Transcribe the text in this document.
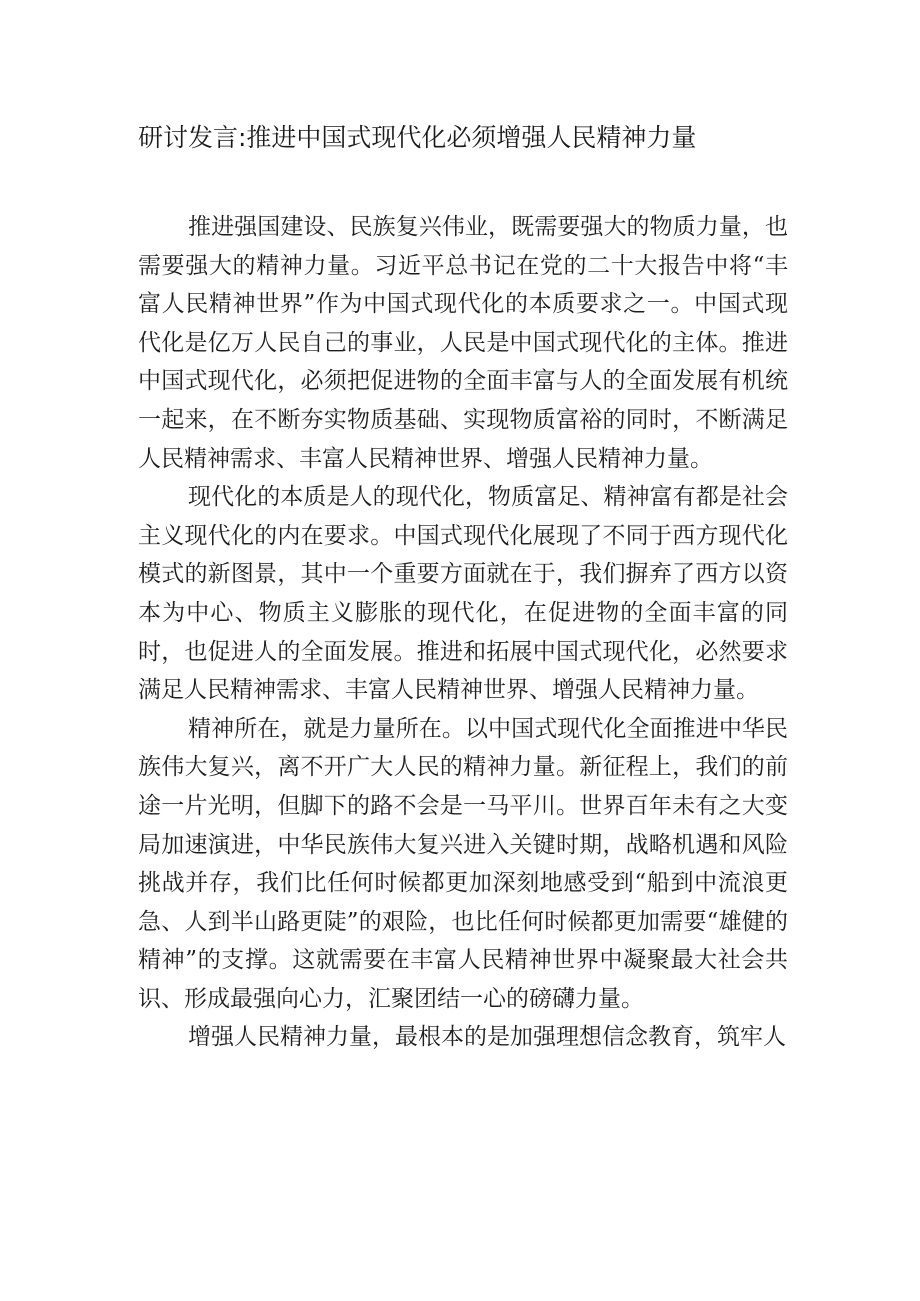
研讨发言:推进中国式现代化必须增强人民精神力量

推进强国建设、民族复兴伟业，既需要强大的物质力量，也需要强大的精神力量。习近平总书记在党的二十大报告中将“丰富人民精神世界”作为中国式现代化的本质要求之一。中国式现代化是亿万人民自己的事业，人民是中国式现代化的主体。推进中国式现代化，必须把促进物的全面丰富与人的全面发展有机统一起来，在不断夯实物质基础、实现物质富裕的同时，不断满足人民精神需求、丰富人民精神世界、增强人民精神力量。

现代化的本质是人的现代化，物质富足、精神富有都是社会主义现代化的内在要求。中国式现代化展现了不同于西方现代化模式的新图景，其中一个重要方面就在于，我们摒弃了西方以资本为中心、物质主义膨胀的现代化，在促进物的全面丰富的同时，也促进人的全面发展。推进和拓展中国式现代化，必然要求满足人民精神需求、丰富人民精神世界、增强人民精神力量。

精神所在，就是力量所在。以中国式现代化全面推进中华民族伟大复兴，离不开广大人民的精神力量。新征程上，我们的前途一片光明，但脚下的路不会是一马平川。世界百年未有之大变局加速演进，中华民族伟大复兴进入关键时期，战略机遇和风险挑战并存，我们比任何时候都更加深刻地感受到“船到中流浪更急、人到半山路更陡”的艰险，也比任何时候都更加需要“雄健的精神”的支撑。这就需要在丰富人民精神世界中凝聚最大社会共识、形成最强向心力，汇聚团结一心的磅礴力量。

增强人民精神力量，最根本的是加强理想信念教育，筑牢人
